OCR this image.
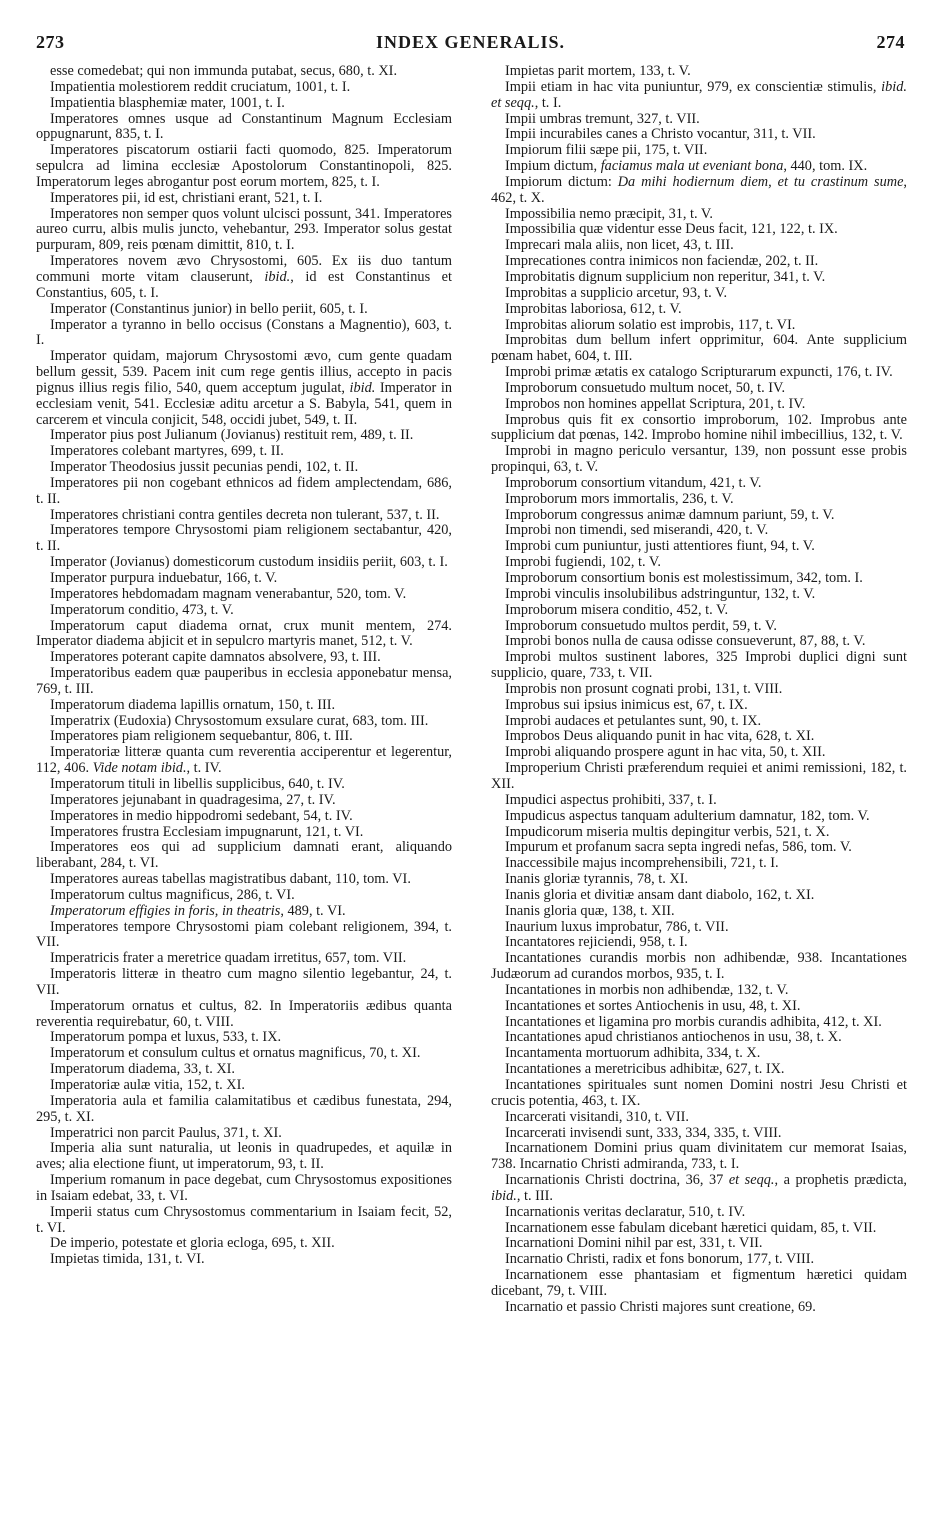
273	INDEX GENERALIS.	274

esse comedebat; qui non immunda putabat, secus, 680, t. XI.

Impatientia molestiorem reddit cruciatum, 1001, t. I.

Impatientia blasphemiæ mater, 1001, t. I.

Imperatores omnes usque ad Constantinum Magnum Ecclesiam oppugnarunt, 835, t. I.

Imperatores piscatorum ostiarii facti quomodo, 825. Imperatorum sepulcra ad limina ecclesiæ Apostolorum Constantinopoli, 825. Imperatorum leges abrogantur post eorum mortem, 825, t. I.

Imperatores pii, id est, christiani erant, 521, t. I.

Imperatores non semper quos volunt ulcisci possunt, 341. Imperatores aureo curru, albis mulis juncto, vehebantur, 293. Imperator solus gestat purpuram, 809, reis pœnam dimittit, 810, t. I.

Imperatores novem ævo Chrysostomi, 605. Ex iis duo tantum communi morte vitam clauserunt, ibid., id est Constantinus et Constantius, 605, t. I.

Imperator (Constantinus junior) in bello periit, 605, t. I.

Imperator a tyranno in bello occisus (Constans a Magnentio), 603, t. I.

Imperator quidam, majorum Chrysostomi ævo, cum gente quadam bellum gessit, 539. Pacem init cum rege gentis illius, accepto in pacis pignus illius regis filio, 540, quem acceptum jugulat, ibid. Imperator in ecclesiam venit, 541. Ecclesiæ aditu arcetur a S. Babyla, 541, quem in carcerem et vincula conjicit, 548, occidi jubet, 549, t. II.

Imperator pius post Julianum (Jovianus) restituit rem, 489, t. II.

Imperatores colebant martyres, 699, t. II.

Imperator Theodosius jussit pecunias pendi, 102, t. II.

Imperatores pii non cogebant ethnicos ad fidem amplectendam, 686, t. II.

Imperatores christiani contra gentiles decreta non tulerant, 537, t. II.

Imperatores tempore Chrysostomi piam religionem sectabantur, 420, t. II.

Imperator (Jovianus) domesticorum custodum insidiis periit, 603, t. I.

Imperator purpura induebatur, 166, t. V.

Imperatores hebdomadam magnam venerabantur, 520, tom. V.

Imperatorum conditio, 473, t. V.

Imperatorum caput diadema ornat, crux munit mentem, 274. Imperator diadema abjicit et in sepulcro martyris manet, 512, t. V.

Imperatores poterant capite damnatos absolvere, 93, t. III.

Imperatoribus eadem quæ pauperibus in ecclesia apponebatur mensa, 769, t. III.

Imperatorum diadema lapillis ornatum, 150, t. III.

Imperatrix (Eudoxia) Chrysostomum exsulare curat, 683, tom. III.

Imperatores piam religionem sequebantur, 806, t. III.

Imperatoriæ litteræ quanta cum reverentia acciperentur et legerentur, 112, 406. Vide notam ibid., t. IV.

Imperatorum tituli in libellis supplicibus, 640, t. IV.

Imperatores jejunabant in quadragesima, 27, t. IV.

Imperatores in medio hippodromi sedebant, 54, t. IV.

Imperatores frustra Ecclesiam impugnarunt, 121, t. VI.

Imperatores eos qui ad supplicium damnati erant, aliquando liberabant, 284, t. VI.

Imperatores aureas tabellas magistratibus dabant, 110, tom. VI.

Imperatorum cultus magnificus, 286, t. VI.

Imperatorum effigies in foris, in theatris, 489, t. VI.

Imperatores tempore Chrysostomi piam colebant religionem, 394, t. VII.

Imperatricis frater a meretrice quadam irretitus, 657, tom. VII.

Imperatoris litteræ in theatro cum magno silentio legebantur, 24, t. VII.

Imperatorum ornatus et cultus, 82. In Imperatoriis ædibus quanta reverentia requirebatur, 60, t. VIII.

Imperatorum pompa et luxus, 533, t. IX.

Imperatorum et consulum cultus et ornatus magnificus, 70, t. XI.

Imperatorum diadema, 33, t. XI.

Imperatoriæ aulæ vitia, 152, t. XI.

Imperatoria aula et familia calamitatibus et cædibus funestata, 294, 295, t. XI.

Imperatrici non parcit Paulus, 371, t. XI.

Imperia alia sunt naturalia, ut leonis in quadrupedes, et aquilæ in aves; alia electione fiunt, ut imperatorum, 93, t. II.

Imperium romanum in pace degebat, cum Chrysostomus expositiones in Isaiam edebat, 33, t. VI.

Imperii status cum Chrysostomus commentarium in Isaiam fecit, 52, t. VI.

De imperio, potestate et gloria ecloga, 695, t. XII.

Impietas timida, 131, t. VI.

Impietas parit mortem, 133, t. V.

Impii etiam in hac vita puniuntur, 979, ex conscientiæ stimulis, ibid. et seqq., t. I.

Impii umbras tremunt, 327, t. VII.

Impii incurabiles canes a Christo vocantur, 311, t. VII.

Impiorum filii sæpe pii, 175, t. VII.

Impium dictum, faciamus mala ut eveniant bona, 440, tom. IX.

Impiorum dictum: Da mihi hodiernum diem, et tu crastinum sume, 462, t. X.

Impossibilia nemo præcipit, 31, t. V.

Impossibilia quæ videntur esse Deus facit, 121, 122, t. IX.

Imprecari mala aliis, non licet, 43, t. III.

Imprecationes contra inimicos non faciendæ, 202, t. II.

Improbitatis dignum supplicium non reperitur, 341, t. V.

Improbitas a supplicio arcetur, 93, t. V.

Improbitas laboriosa, 612, t. V.

Improbitas aliorum solatio est improbis, 117, t. VI.

Improbitas dum bellum infert opprimitur, 604. Ante supplicium pœnam habet, 604, t. III.

Improbi primæ ætatis ex catalogo Scripturarum expuncti, 176, t. IV.

Improborum consuetudo multum nocet, 50, t. IV.

Improbos non homines appellat Scriptura, 201, t. IV.

Improbus quis fit ex consortio improborum, 102. Improbus ante supplicium dat pœnas, 142. Improbo homine nihil imbecillius, 132, t. V.

Improbi in magno periculo versantur, 139, non possunt esse probis propinqui, 63, t. V.

Improborum consortium vitandum, 421, t. V.

Improborum mors immortalis, 236, t. V.

Improborum congressus animæ damnum pariunt, 59, t. V.

Improbi non timendi, sed miserandi, 420, t. V.

Improbi cum puniuntur, justi attentiores fiunt, 94, t. V.

Improbi fugiendi, 102, t. V.

Improborum consortium bonis est molestissimum, 342, tom. I.

Improbi vinculis insolubilibus adstringuntur, 132, t. V.

Improborum misera conditio, 452, t. V.

Improborum consuetudo multos perdit, 59, t. V.

Improbi bonos nulla de causa odisse consueverunt, 87, 88, t. V.

Improbi multos sustinent labores, 325 Improbi duplici digni sunt supplicio, quare, 733, t. VII.

Improbis non prosunt cognati probi, 131, t. VIII.

Improbus sui ipsius inimicus est, 67, t. IX.

Improbi audaces et petulantes sunt, 90, t. IX.

Improbos Deus aliquando punit in hac vita, 628, t. XI.

Improbi aliquando prospere agunt in hac vita, 50, t. XII.

Improperium Christi præferendum requiei et animi remissioni, 182, t. XII.

Impudici aspectus prohibiti, 337, t. I.

Impudicus aspectus tanquam adulterium damnatur, 182, tom. V.

Impudicorum miseria multis depingitur verbis, 521, t. X.

Impurum et profanum sacra septa ingredi nefas, 586, tom. V.

Inaccessibile majus incomprehensibili, 721, t. I.

Inanis gloriæ tyrannis, 78, t. XI.

Inanis gloria et divitiæ ansam dant diabolo, 162, t. XI.

Inanis gloria quæ, 138, t. XII.

Inaurium luxus improbatur, 786, t. VII.

Incantatores rejiciendi, 958, t. I.

Incantationes curandis morbis non adhibendæ, 938. Incantationes Judæorum ad curandos morbos, 935, t. I.

Incantationes in morbis non adhibendæ, 132, t. V.

Incantationes et sortes Antiochenis in usu, 48, t. XI.

Incantationes et ligamina pro morbis curandis adhibita, 412, t. XI.

Incantationes apud christianos antiochenos in usu, 38, t. X.

Incantamenta mortuorum adhibita, 334, t. X.

Incantationes a meretricibus adhibitæ, 627, t. IX.

Incantationes spirituales sunt nomen Domini nostri Jesu Christi et crucis potentia, 463, t. IX.

Incarcerati visitandi, 310, t. VII.

Incarcerati invisendi sunt, 333, 334, 335, t. VIII.

Incarnationem Domini prius quam divinitatem cur memorat Isaias, 738. Incarnatio Christi admiranda, 733, t. I.

Incarnationis Christi doctrina, 36, 37 et seqq., a prophetis prædicta, ibid., t. III.

Incarnationis veritas declaratur, 510, t. IV.

Incarnationem esse fabulam dicebant hæretici quidam, 85, t. VII.

Incarnationi Domini nihil par est, 331, t. VII.

Incarnatio Christi, radix et fons bonorum, 177, t. VIII.

Incarnationem esse phantasiam et figmentum hæretici quidam dicebant, 79, t. VIII.

Incarnatio et passio Christi majores sunt creatione, 69.
